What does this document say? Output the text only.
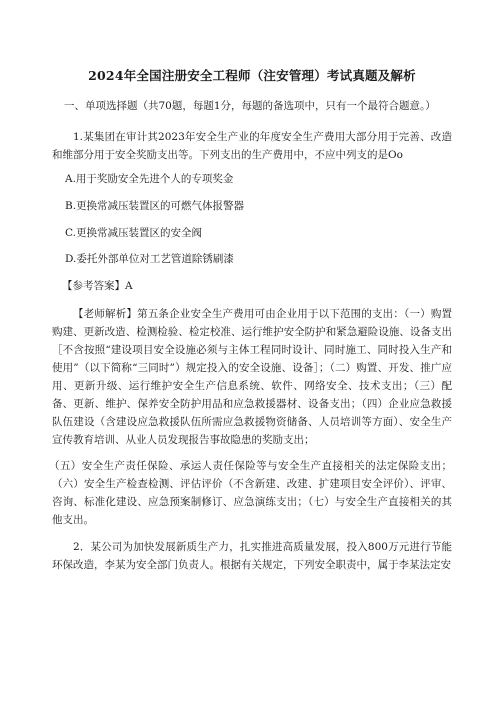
2024年全国注册安全工程师（注安管理）考试真题及解析

一、单项选择题（共70题，每题1分，每题的备选项中，只有一个最符合题意。）

1.某集团在审计其2023年安全生产业的年度安全生产费用大部分用于完善、改造和维部分用于安全奖励支出等。下列支出的生产费用中，不应中列支的是Oo

A.用于奖励安全先进个人的专项奖金

B.更换常减压装置区的可燃气体报警器

C.更换常减压装置区的安全阀

D.委托外部单位对工艺管道除锈刷漆

【参考答案】A

【老师解析】第五条企业安全生产费用可由企业用于以下范围的支出：（一）购置购建、更新改造、检测检验、检定校准、运行维护安全防护和紧急避险设施、设备支出［不含按照“建设项目安全设施必须与主体工程同时设计、同时施工、同时投入生产和使用”（以下简称“三同时”）规定投入的安全设施、设备］；（二）购置、开发、推广应用、更新升级、运行维护安全生产信息系统、软件、网络安全、技术支出；（三）配备、更新、维护、保养安全防护用品和应急救援器材、设备支出；（四）企业应急救援队伍建设（含建设应急救援队伍所需应急救援物资储备、人员培训等方面）、安全生产宣传教育培训、从业人员发现报告事故隐患的奖励支出；

（五）安全生产责任保险、承运人责任保险等与安全生产直接相关的法定保险支出；（六）安全生产检查检测、评估评价（不含新建、改建、扩建项目安全评价）、评审、咨询、标准化建设、应急预案制修订、应急演练支出；（七）与安全生产直接相关的其他支出。

2．某公司为加快发展新质生产力，扎实推进高质量发展，投入800万元进行节能环保改造，李某为安全部门负责人。根据有关规定，下列安全职责中，属于李某法定安
